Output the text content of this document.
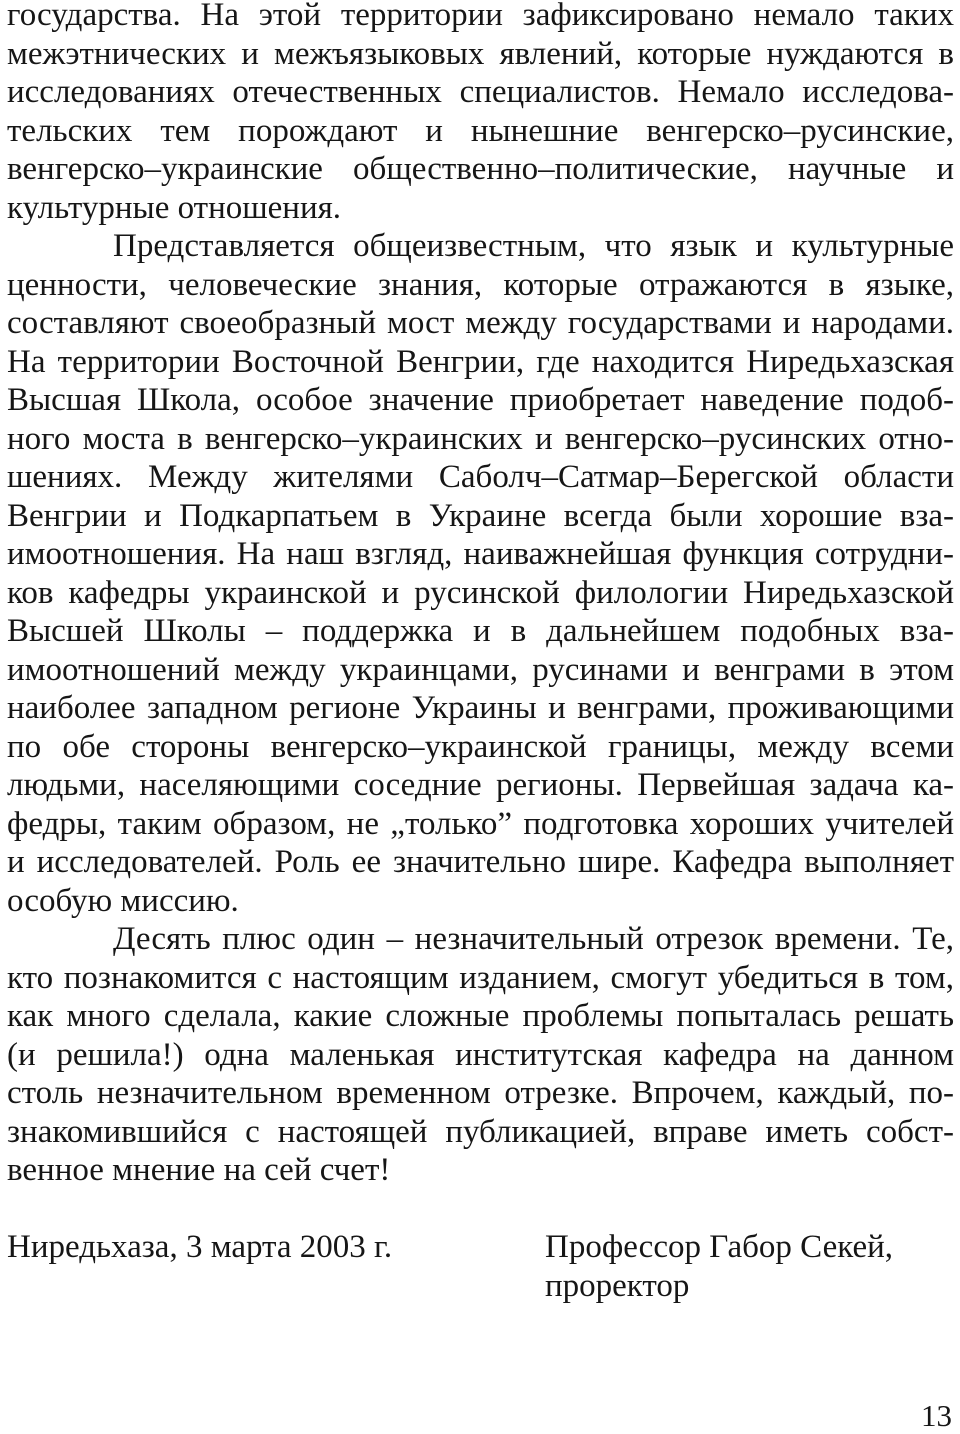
государства. На этой территории зафиксировано немало таких
межэтнических и межъязыковых явлений, которые нуждаются в
исследованиях отечественных специалистов. Немало исследова-
тельских тем порождают и нынешние венгерско–русинские,
венгерско–украинские общественно–политические, научные и
культурные отношения.
Представляется общеизвестным, что язык и культурные
ценности, человеческие знания, которые отражаются в языке,
составляют своеобразный мост между государствами и народами.
На территории Восточной Венгрии, где находится Ниредьхазская
Высшая Школа, особое значение приобретает наведение подоб-
ного моста в венгерско–украинских и венгерско–русинских отно-
шениях. Между жителями Саболч–Сатмар–Берегской области
Венгрии и Подкарпатьем в Украине всегда были хорошие вза-
имоотношения. На наш взгляд, наиважнейшая функция сотрудни-
ков кафедры украинской и русинской филологии Ниредьхазской
Высшей Школы – поддержка и в дальнейшем подобных вза-
имоотношений между украинцами, русинами и венграми в этом
наиболее западном регионе Украины и венграми, проживающими
по обе стороны венгерско–украинской границы, между всеми
людьми, населяющими соседние регионы. Первейшая задача ка-
федры, таким образом, не „только” подготовка хороших учителей
и исследователей. Роль ее значительно шире. Кафедра выполняет
особую миссию.
Десять плюс один – незначительный отрезок времени. Те,
кто познакомится с настоящим изданием, смогут убедиться в том,
как много сделала, какие сложные проблемы попыталась решать
(и решила!) одна маленькая институтская кафедра на данном
столь незначительном временном отрезке. Впрочем, каждый, по-
знакомившийся с настоящей публикацией, вправе иметь собст-
венное мнение на сей счет!
Ниредьхаза, 3 марта 2003 г.	Профессор Габор Секей,
проректор
13
